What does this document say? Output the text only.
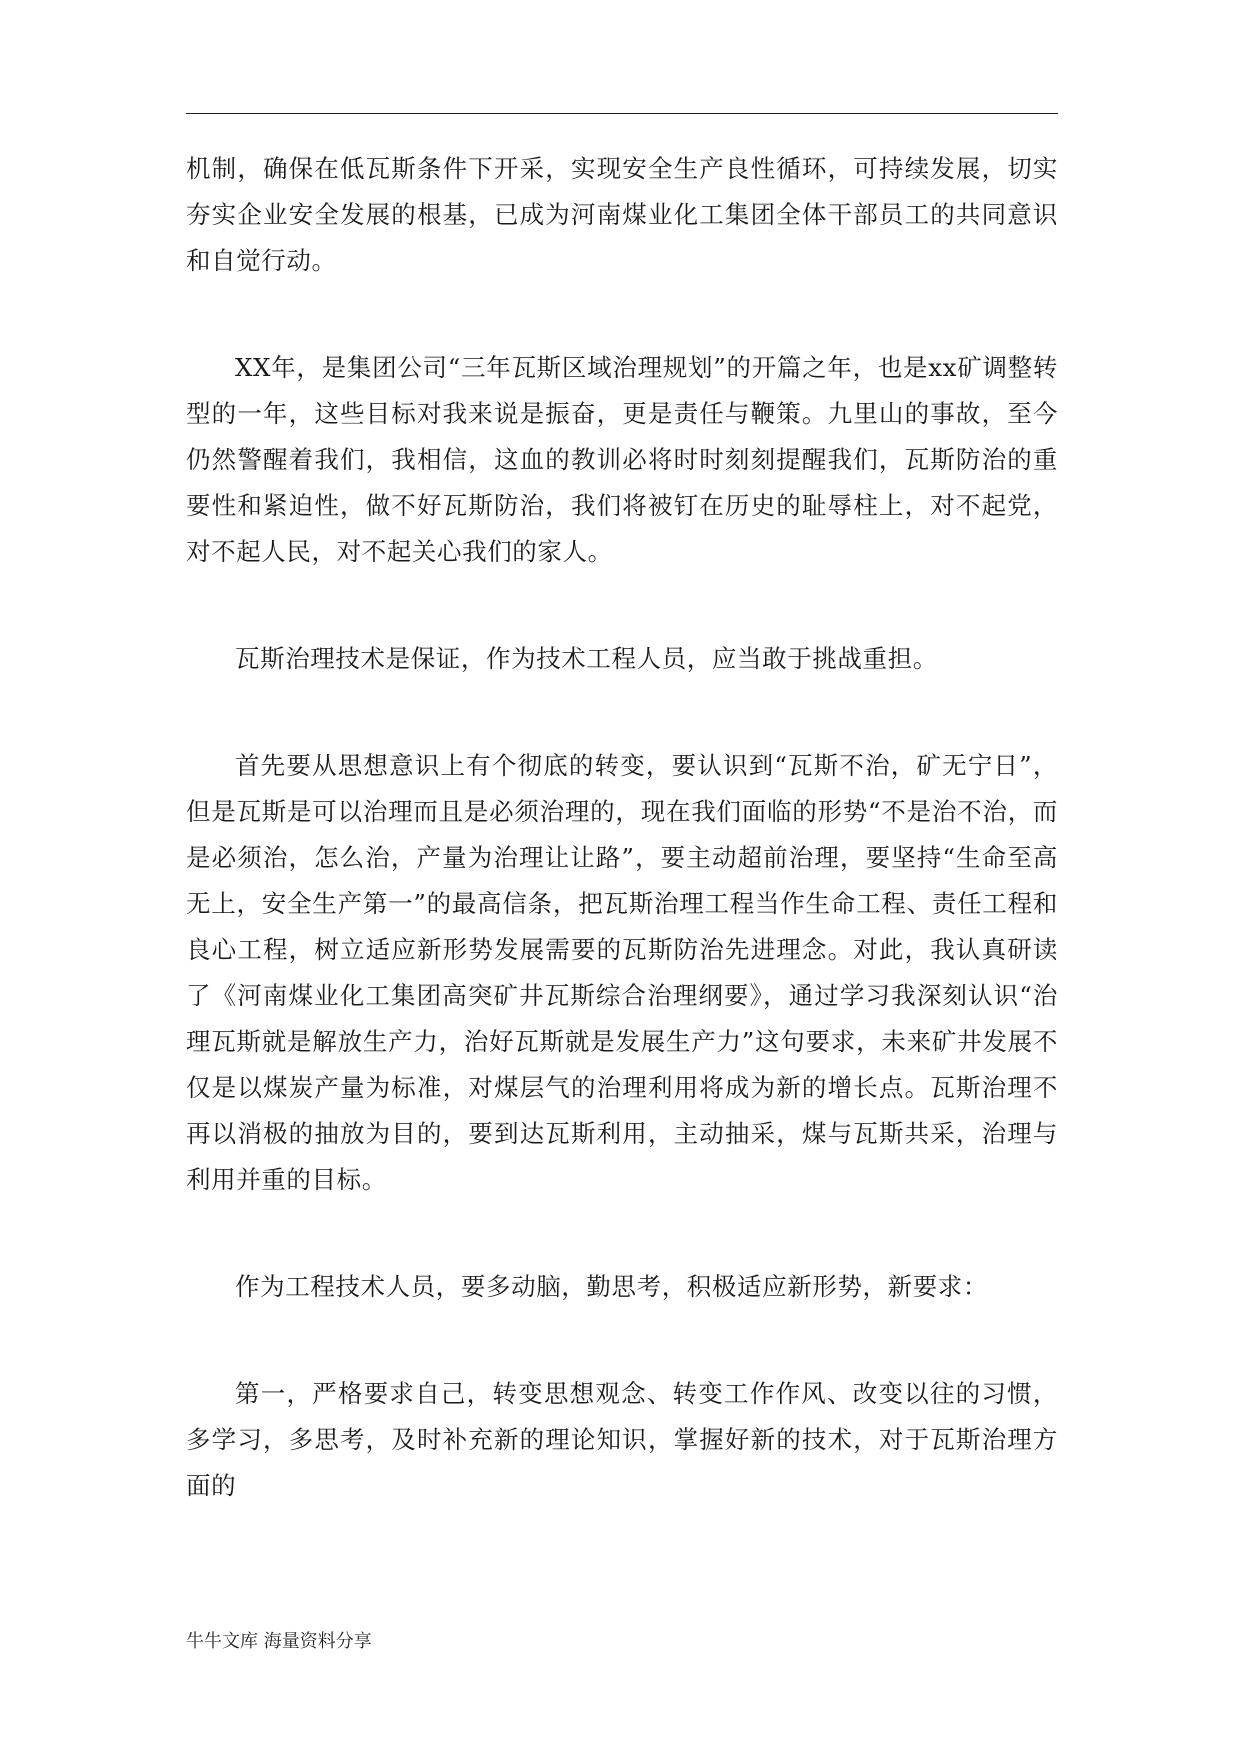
机制，确保在低瓦斯条件下开采，实现安全生产良性循环，可持续发展，切实夯实企业安全发展的根基，已成为河南煤业化工集团全体干部员工的共同意识和自觉行动。

XX年，是集团公司“三年瓦斯区域治理规划”的开篇之年，也是xx矿调整转型的一年，这些目标对我来说是振奋，更是责任与鞭策。九里山的事故，至今仍然警醒着我们，我相信，这血的教训必将时时刻刻提醒我们，瓦斯防治的重要性和紧迫性，做不好瓦斯防治，我们将被钉在历史的耻辱柱上，对不起党，对不起人民，对不起关心我们的家人。

瓦斯治理技术是保证，作为技术工程人员，应当敢于挑战重担。

首先要从思想意识上有个彻底的转变，要认识到“瓦斯不治，矿无宁日”，但是瓦斯是可以治理而且是必须治理的，现在我们面临的形势“不是治不治，而是必须治，怎么治，产量为治理让让路”，要主动超前治理，要坚持“生命至高无上，安全生产第一”的最高信条，把瓦斯治理工程当作生命工程、责任工程和良心工程，树立适应新形势发展需要的瓦斯防治先进理念。对此，我认真研读了《河南煤业化工集团高突矿井瓦斯综合治理纲要》，通过学习我深刻认识“治理瓦斯就是解放生产力，治好瓦斯就是发展生产力”这句要求，未来矿井发展不仅是以煤炭产量为标准，对煤层气的治理利用将成为新的增长点。瓦斯治理不再以消极的抽放为目的，要到达瓦斯利用，主动抽采，煤与瓦斯共采，治理与利用并重的目标。

作为工程技术人员，要多动脑，勤思考，积极适应新形势，新要求：

第一，严格要求自己，转变思想观念、转变工作作风、改变以往的习惯，多学习，多思考，及时补充新的理论知识，掌握好新的技术，对于瓦斯治理方面的

牛牛文库 海量资料分享
